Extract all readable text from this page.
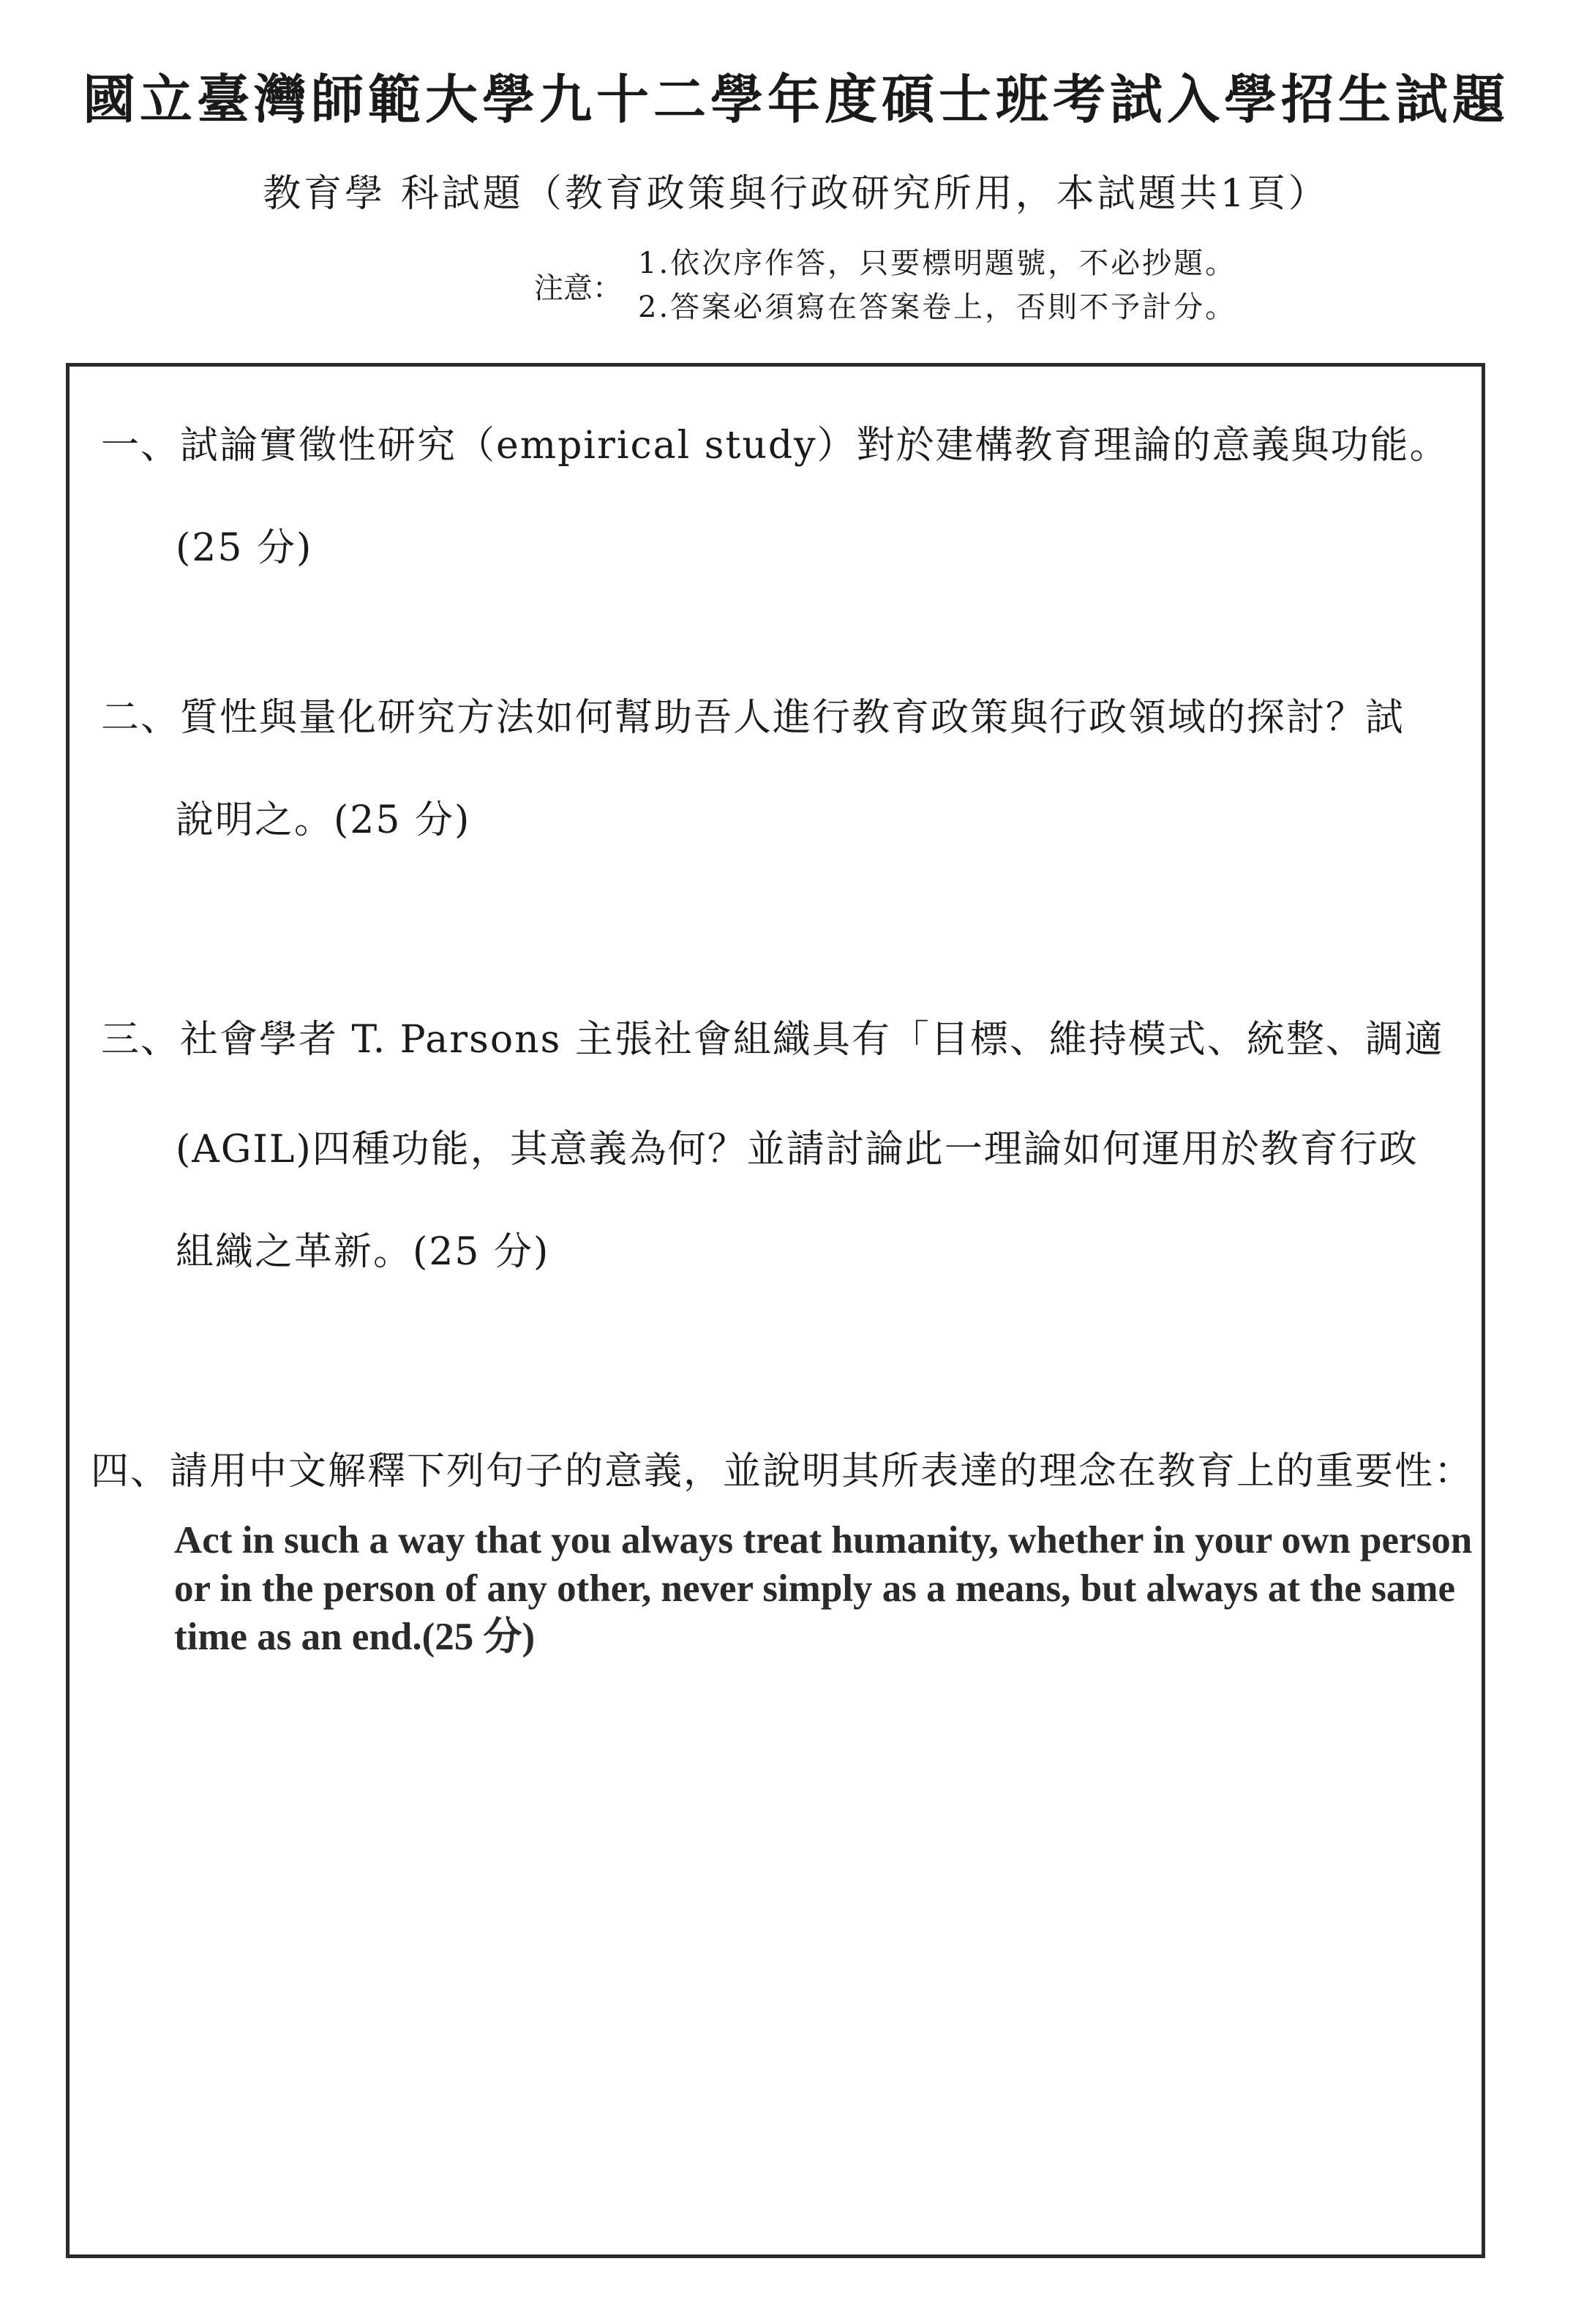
國立臺灣師範大學九十二學年度碩士班考試入學招生試題
教育學 科試題（教育政策與行政研究所用，本試題共1頁）
注意：
1.依次序作答，只要標明題號，不必抄題。
2.答案必須寫在答案卷上，否則不予計分。
一、試論實徵性研究（empirical study）對於建構教育理論的意義與功能。
(25 分)
二、質性與量化研究方法如何幫助吾人進行教育政策與行政領域的探討？試
說明之。(25 分)
三、社會學者 T. Parsons 主張社會組織具有「目標、維持模式、統整、調適
(AGIL)四種功能，其意義為何？並請討論此一理論如何運用於教育行政
組織之革新。(25 分)
四、請用中文解釋下列句子的意義，並說明其所表達的理念在教育上的重要性：
Act in such a way that you always treat humanity, whether in your own person or in the person of any other, never simply as a means, but always at the same time as an end.(25 分)
